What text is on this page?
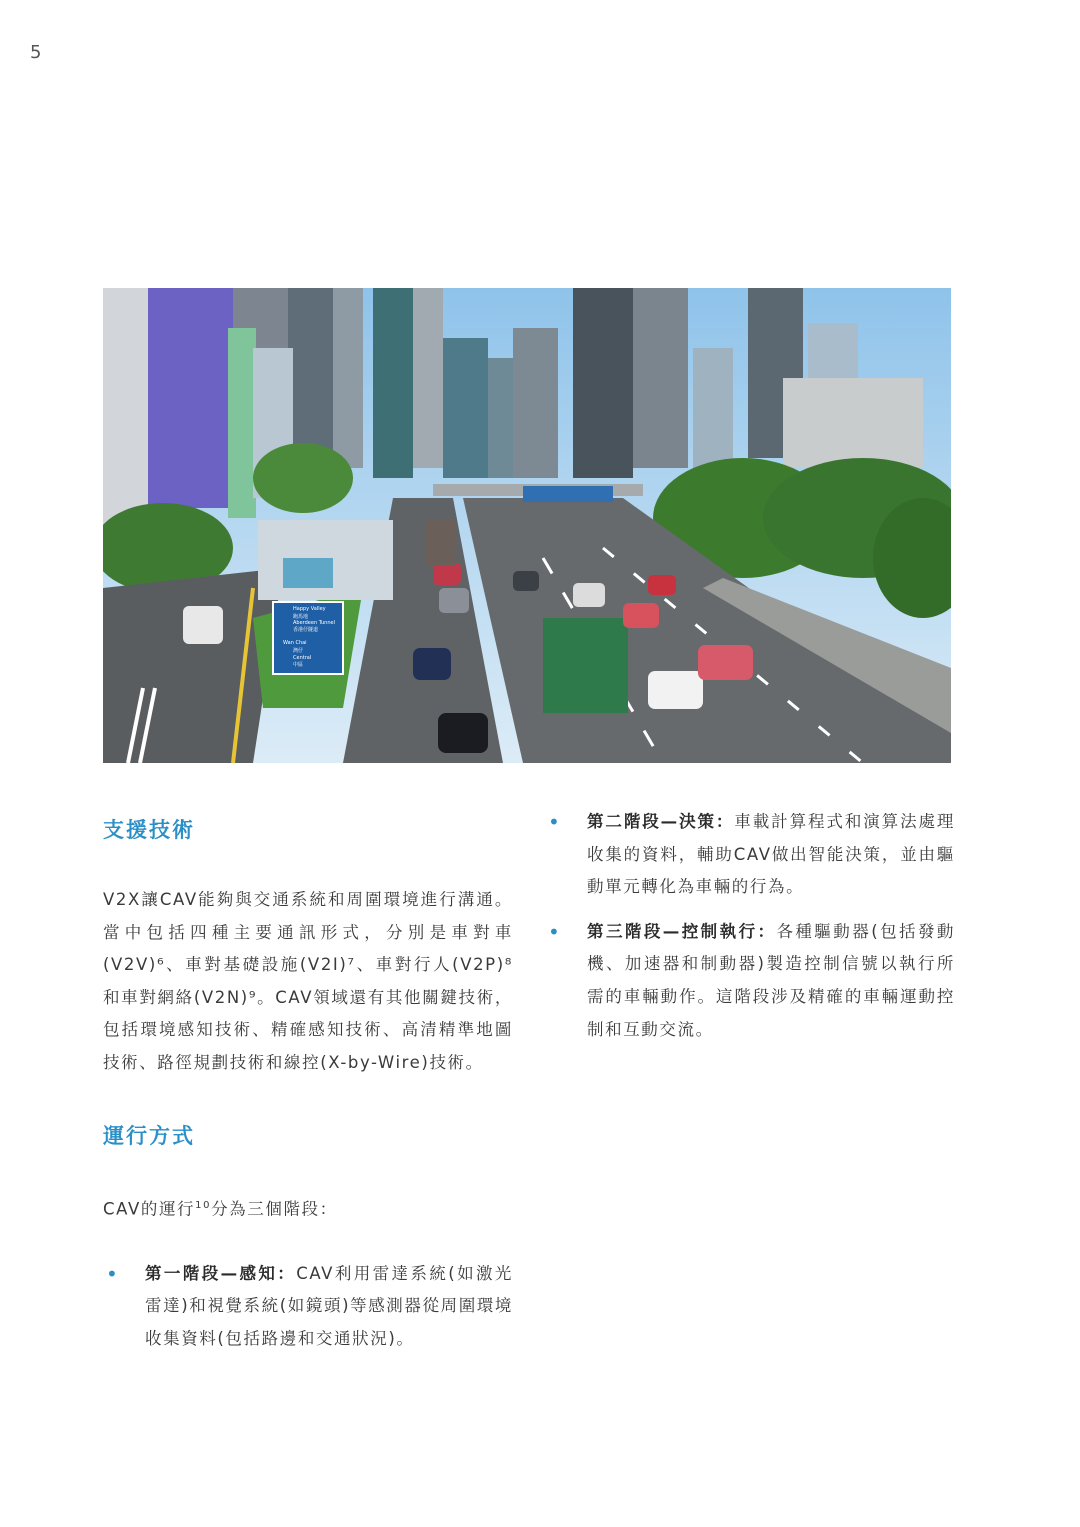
5
Happy Valley
跑馬地
Aberdeen Tunnel
香港仔隧道
Wan Chai
灣仔
Central
中區
支援技術

V2X讓CAV能夠與交通系統和周圍環境進行溝通。當中包括四種主要通訊形式，分別是車對車(V2V)⁶、車對基礎設施(V2I)⁷、車對行人(V2P)⁸和車對網絡(V2N)⁹。CAV領域還有其他關鍵技術，包括環境感知技術、精確感知技術、高清精準地圖技術、路徑規劃技術和線控(X-by-Wire)技術。

運行方式

CAV的運行$^{10}$分為三個階段：

• 第一階段—感知：CAV利用雷達系統(如激光雷達)和視覺系統(如鏡頭)等感測器從周圍環境收集資料(包括路邊和交通狀況)。
• 第二階段—決策：車載計算程式和演算法處理收集的資料，輔助CAV做出智能決策，並由驅動單元轉化為車輛的行為。
• 第三階段—控制執行：各種驅動器(包括發動機、加速器和制動器)製造控制信號以執行所需的車輛動作。這階段涉及精確的車輛運動控制和互動交流。
